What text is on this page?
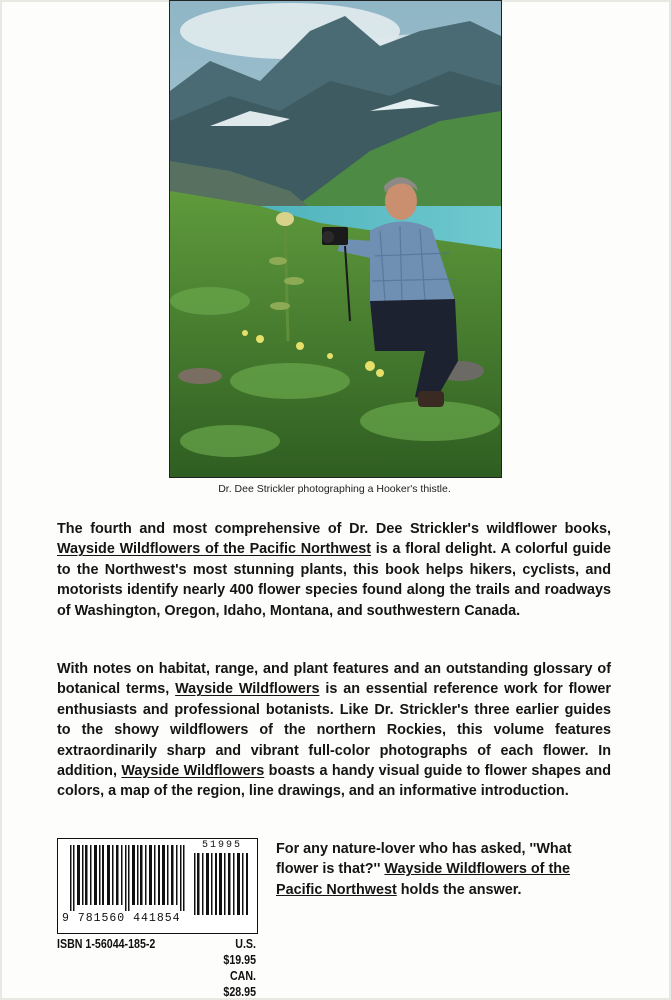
Dr. Dee Strickler photographing a Hooker's thistle.

The fourth and most comprehensive of Dr. Dee Strickler's wildflower books, Wayside Wildflowers of the Pacific Northwest is a floral delight. A colorful guide to the Northwest's most stunning plants, this book helps hikers, cyclists, and motorists identify nearly 400 flower species found along the trails and roadways of Washington, Oregon, Idaho, Montana, and southwestern Canada.

With notes on habitat, range, and plant features and an outstanding glossary of botanical terms, Wayside Wildflowers is an essential reference work for flower enthusiasts and professional botanists. Like Dr. Strickler's three earlier guides to the showy wildflowers of the northern Rockies, this volume features extraordinarily sharp and vibrant full-color photographs of each flower. In addition, Wayside Wildflowers boasts a handy visual guide to flower shapes and colors, a map of the region, line drawings, and an informative introduction.

For any nature-lover who has asked, ''What flower is that?'' Wayside Wildflowers of the Pacific Northwest holds the answer.

51995
9 781560 441854
ISBN 1-56044-185-2	U.S. $19.95
CAN. $28.95
